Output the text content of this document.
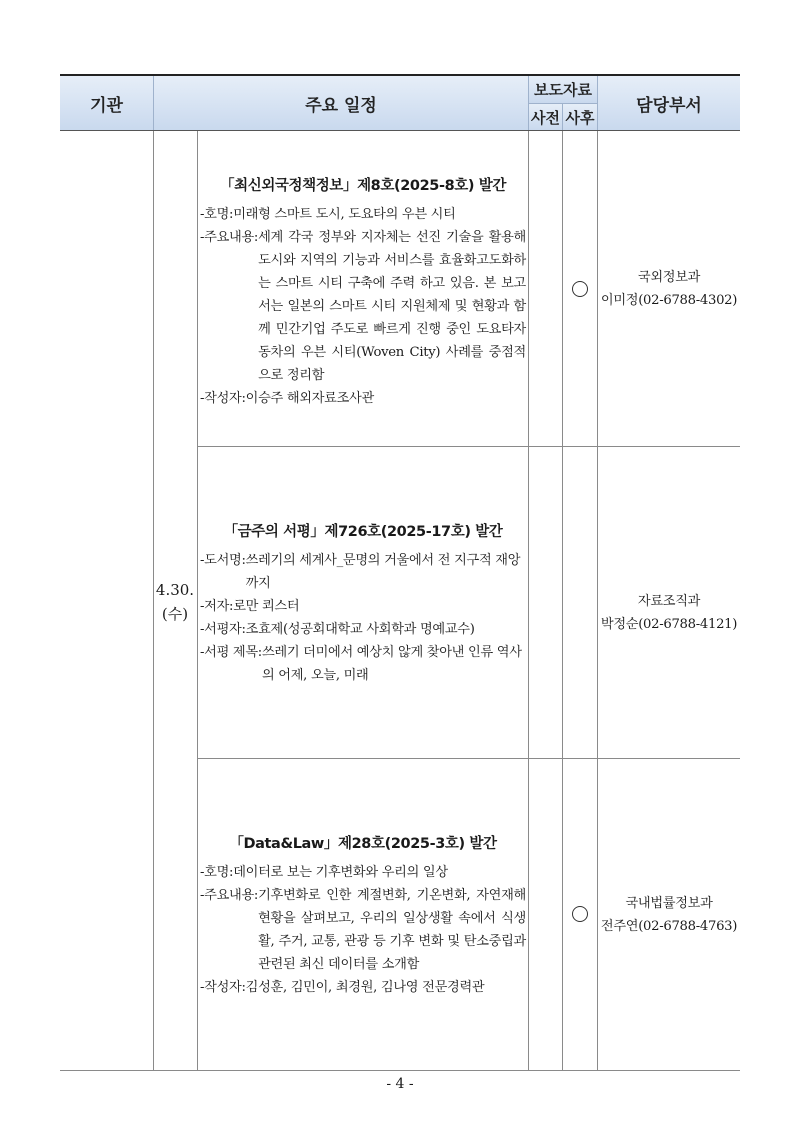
기관	주요 일정
보도자료
사전 사후
담당부서
4.30.
(수)
「최신외국정책정보」제8호(2025-8호) 발간
-호명: 미래형 스마트 도시, 도요타의 우븐 시티
-주요내용: 세계 각국 정부와 지자체는 선진 기술을 활용해 도시와 지역의 기능과 서비스를 효율화고도화하는 스마트 시티 구축에 주력 하고 있음. 본 보고서는 일본의 스마트 시티 지원체제 및 현황과 함께 민간기업 주도로 빠르게 진행 중인 도요타자동차의 우븐 시티(Woven City) 사례를 중점적으로 정리함
-작성자: 이승주 해외자료조사관
국외정보과
이미정(02-6788-4302)
「금주의 서평」제726호(2025-17호) 발간
-도서명: 쓰레기의 세계사_문명의 거울에서 전 지구적 재앙까지
-저자: 로만 쾨스터
-서평자: 조효제(성공회대학교 사회학과 명예교수)
-서평 제목: 쓰레기 더미에서 예상치 않게 찾아낸 인류 역사의 어제, 오늘, 미래
자료조직과
박정순(02-6788-4121)
「Data&Law」제28호(2025-3호) 발간
-호명: 데이터로 보는 기후변화와 우리의 일상
-주요내용: 기후변화로 인한 계절변화, 기온변화, 자연재해 현황을 살펴보고, 우리의 일상생활 속에서 식생활, 주거, 교통, 관광 등 기후 변화 및 탄소중립과 관련된 최신 데이터를 소개함
-작성자: 김성훈, 김민이, 최경원, 김나영 전문경력관
국내법률정보과
전주연(02-6788-4763)
- 4 -
